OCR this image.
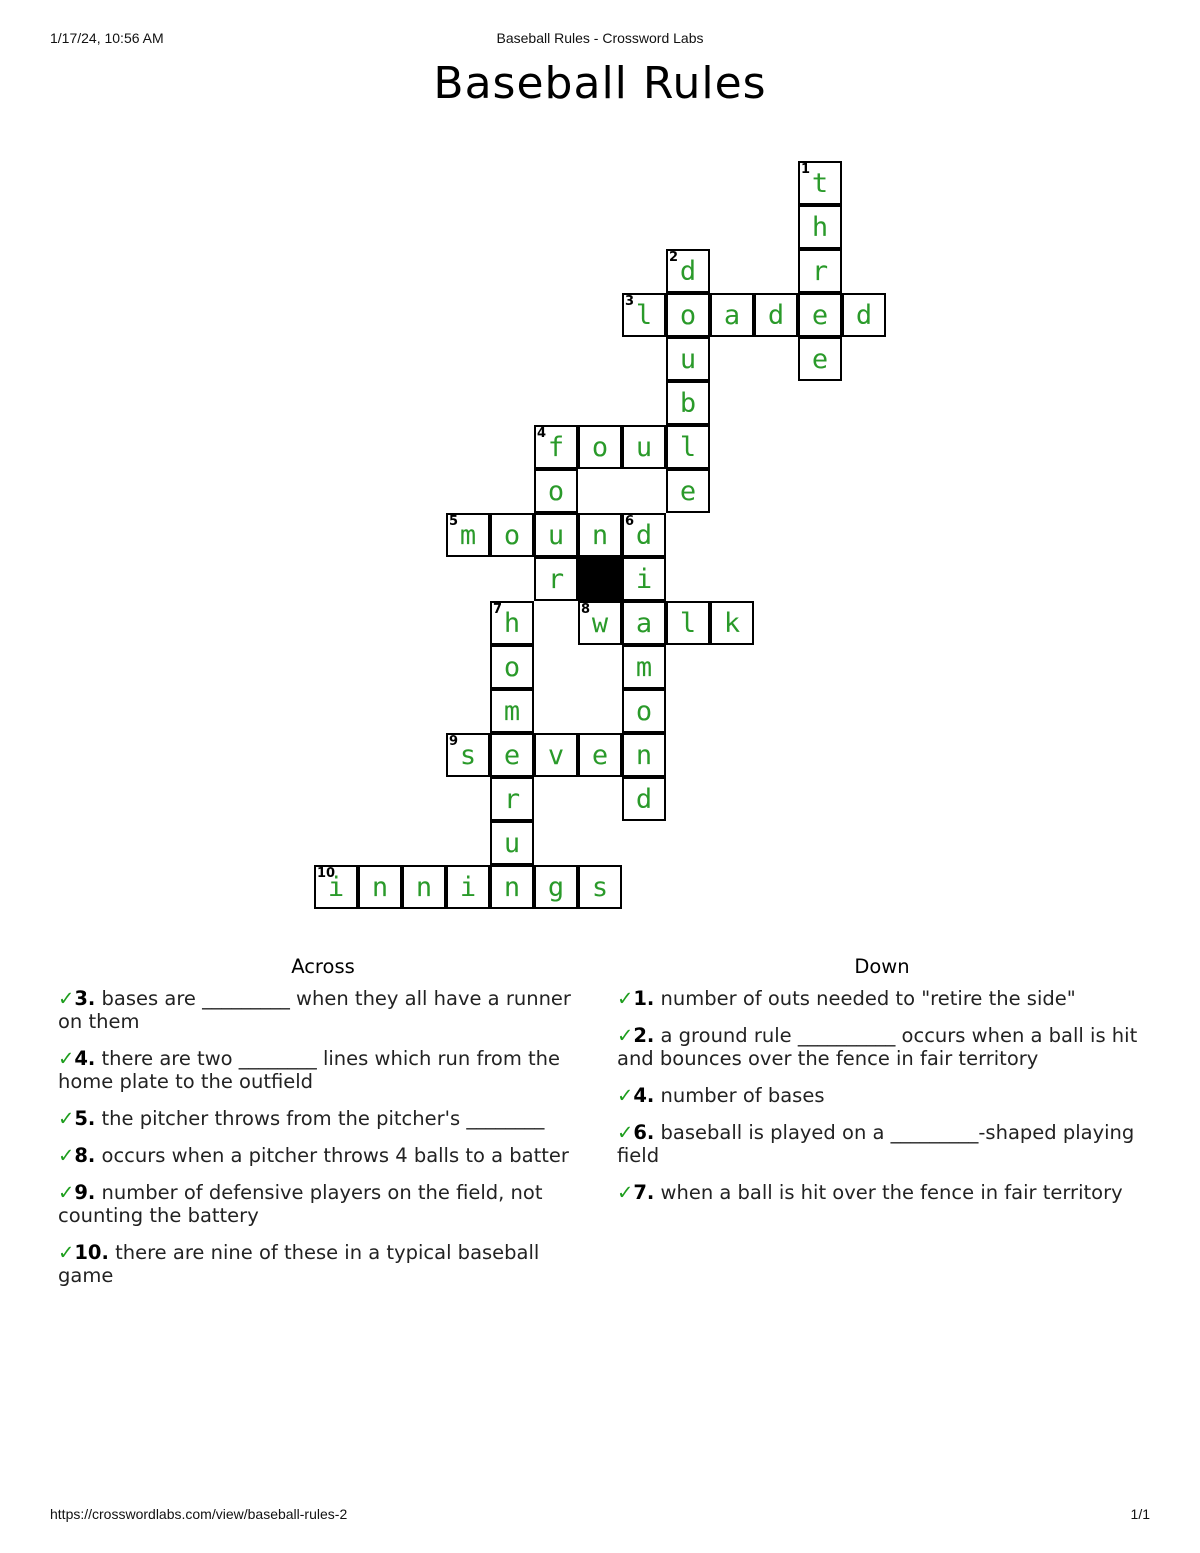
1/17/24, 10:56 AM	Baseball Rules - Crossword Labs
Baseball Rules
1 t
h
2 d	r
3 l	o	a	d	e	d
u	e
b
4 f	o	u	l
o	e
5 m	o	u	n	6 d
r	i
7 h	8 w	a	l	k
o	m
m	o
9 s	e	v	e	n
r	d
u
10
i	n	n	i	n	g	s
Across
✓3. bases are _________ when they all have a runner on them
✓4. there are two ________ lines which run from the home plate to the outfield
✓5. the pitcher throws from the pitcher's ________
✓8. occurs when a pitcher throws 4 balls to a batter
✓9. number of defensive players on the field, not counting the battery
✓10. there are nine of these in a typical baseball game
Down
✓1. number of outs needed to "retire the side"
✓2. a ground rule __________ occurs when a ball is hit and bounces over the fence in fair territory
✓4. number of bases
✓6. baseball is played on a _________-shaped playing field
✓7. when a ball is hit over the fence in fair territory
https://crosswordlabs.com/view/baseball-rules-2	1/1
